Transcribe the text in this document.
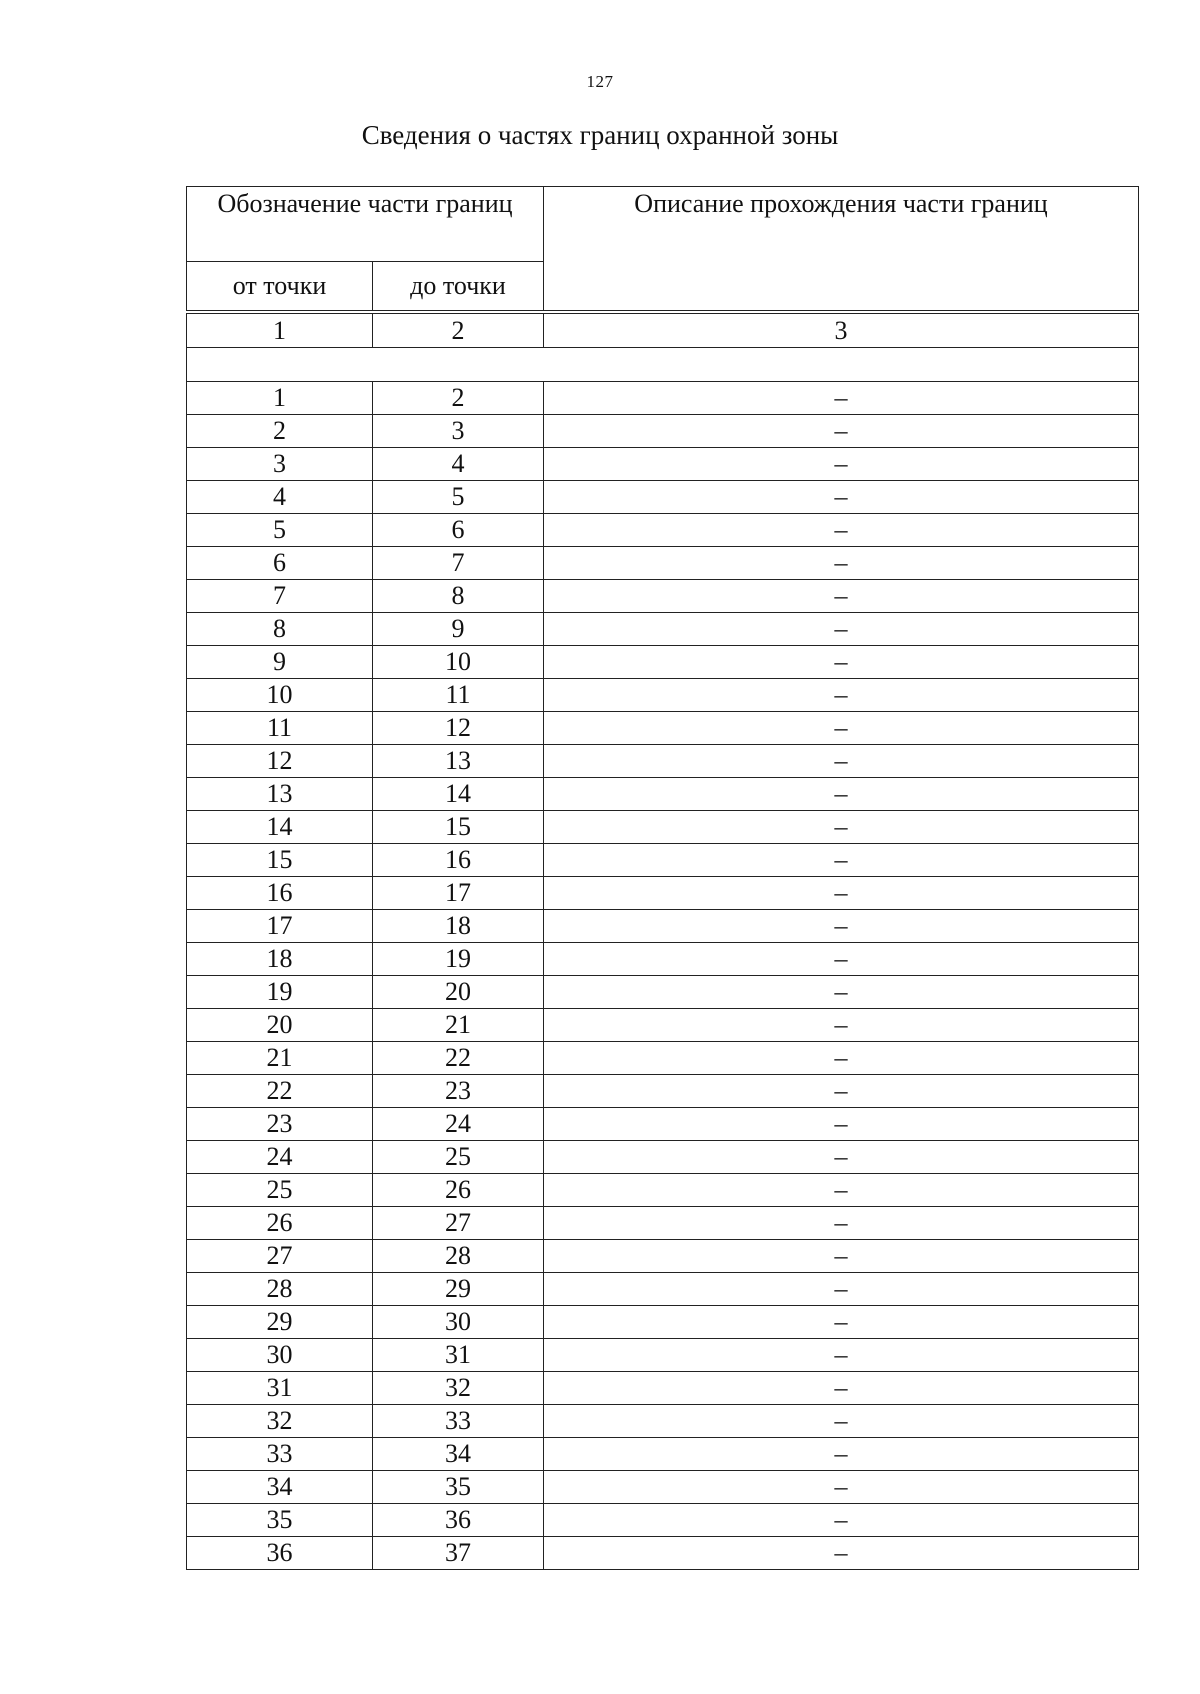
127
Сведения о частях границ охранной зоны
Обозначение части границ		Описание прохождения части границ
от точки	до точки	

1	2	3

1	2	–
2	3	–
3	4	–
4	5	–
5	6	–
6	7	–
7	8	–
8	9	–
9	10	–
10	11	–
11	12	–
12	13	–
13	14	–
14	15	–
15	16	–
16	17	–
17	18	–
18	19	–
19	20	–
20	21	–
21	22	–
22	23	–
23	24	–
24	25	–
25	26	–
26	27	–
27	28	–
28	29	–
29	30	–
30	31	–
31	32	–
32	33	–
33	34	–
34	35	–
35	36	–
36	37	–
